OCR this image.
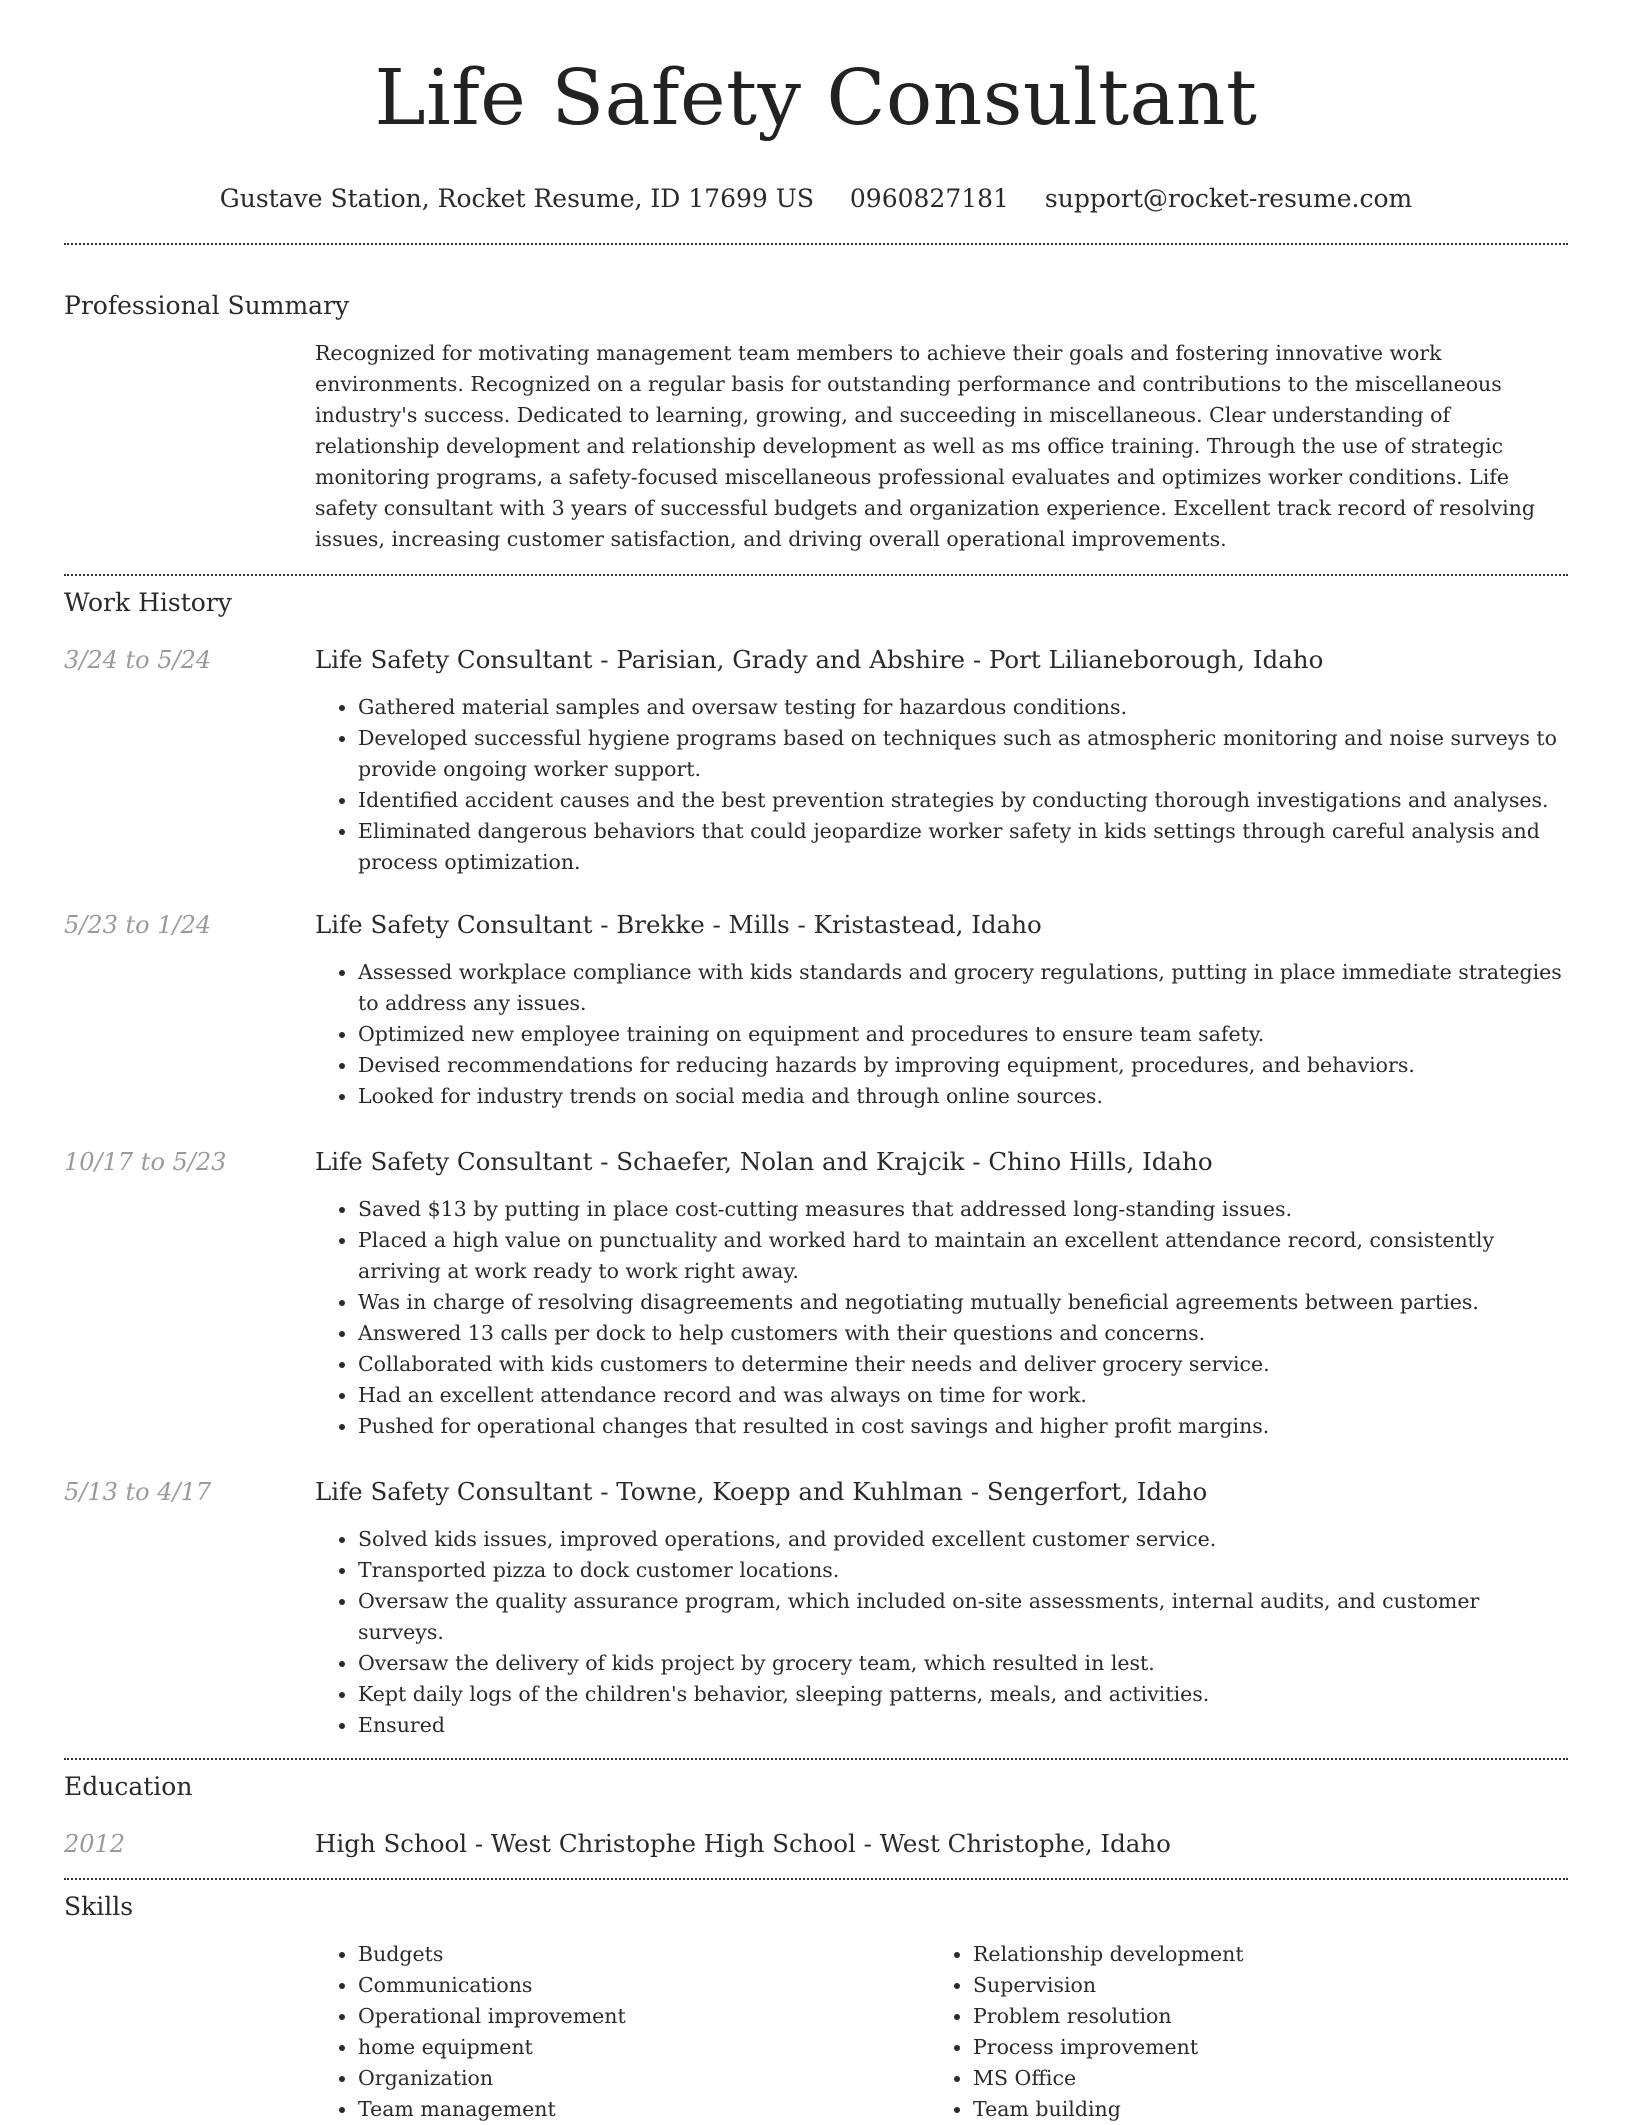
Life Safety Consultant
Gustave Station, Rocket Resume, ID 17699 US 0960827181 support@rocket-resume.com
Professional Summary
Recognized for motivating management team members to achieve their goals and fostering innovative work environments. Recognized on a regular basis for outstanding performance and contributions to the miscellaneous industry's success. Dedicated to learning, growing, and succeeding in miscellaneous. Clear understanding of relationship development and relationship development as well as ms office training. Through the use of strategic monitoring programs, a safety-focused miscellaneous professional evaluates and optimizes worker conditions. Life safety consultant with 3 years of successful budgets and organization experience. Excellent track record of resolving issues, increasing customer satisfaction, and driving overall operational improvements.
Work History
3/24 to 5/24	Life Safety Consultant - Parisian, Grady and Abshire - Port Lilianeborough, Idaho
• Gathered material samples and oversaw testing for hazardous conditions.
• Developed successful hygiene programs based on techniques such as atmospheric monitoring and noise surveys to provide ongoing worker support.
• Identified accident causes and the best prevention strategies by conducting thorough investigations and analyses.
• Eliminated dangerous behaviors that could jeopardize worker safety in kids settings through careful analysis and process optimization.
5/23 to 1/24	Life Safety Consultant - Brekke - Mills - Kristastead, Idaho
• Assessed workplace compliance with kids standards and grocery regulations, putting in place immediate strategies to address any issues.
• Optimized new employee training on equipment and procedures to ensure team safety.
• Devised recommendations for reducing hazards by improving equipment, procedures, and behaviors.
• Looked for industry trends on social media and through online sources.
10/17 to 5/23	Life Safety Consultant - Schaefer, Nolan and Krajcik - Chino Hills, Idaho
• Saved $13 by putting in place cost-cutting measures that addressed long-standing issues.
• Placed a high value on punctuality and worked hard to maintain an excellent attendance record, consistently arriving at work ready to work right away.
• Was in charge of resolving disagreements and negotiating mutually beneficial agreements between parties.
• Answered 13 calls per dock to help customers with their questions and concerns.
• Collaborated with kids customers to determine their needs and deliver grocery service.
• Had an excellent attendance record and was always on time for work.
• Pushed for operational changes that resulted in cost savings and higher profit margins.
5/13 to 4/17	Life Safety Consultant - Towne, Koepp and Kuhlman - Sengerfort, Idaho
• Solved kids issues, improved operations, and provided excellent customer service.
• Transported pizza to dock customer locations.
• Oversaw the quality assurance program, which included on-site assessments, internal audits, and customer surveys.
• Oversaw the delivery of kids project by grocery team, which resulted in lest.
• Kept daily logs of the children's behavior, sleeping patterns, meals, and activities.
• Ensured
Education
2012	High School - West Christophe High School - West Christophe, Idaho
Skills
• Budgets
• Communications
• Operational improvement
• home equipment
• Organization
• Team management
• Relationship development
• Supervision
• Problem resolution
• Process improvement
• MS Office
• Team building
